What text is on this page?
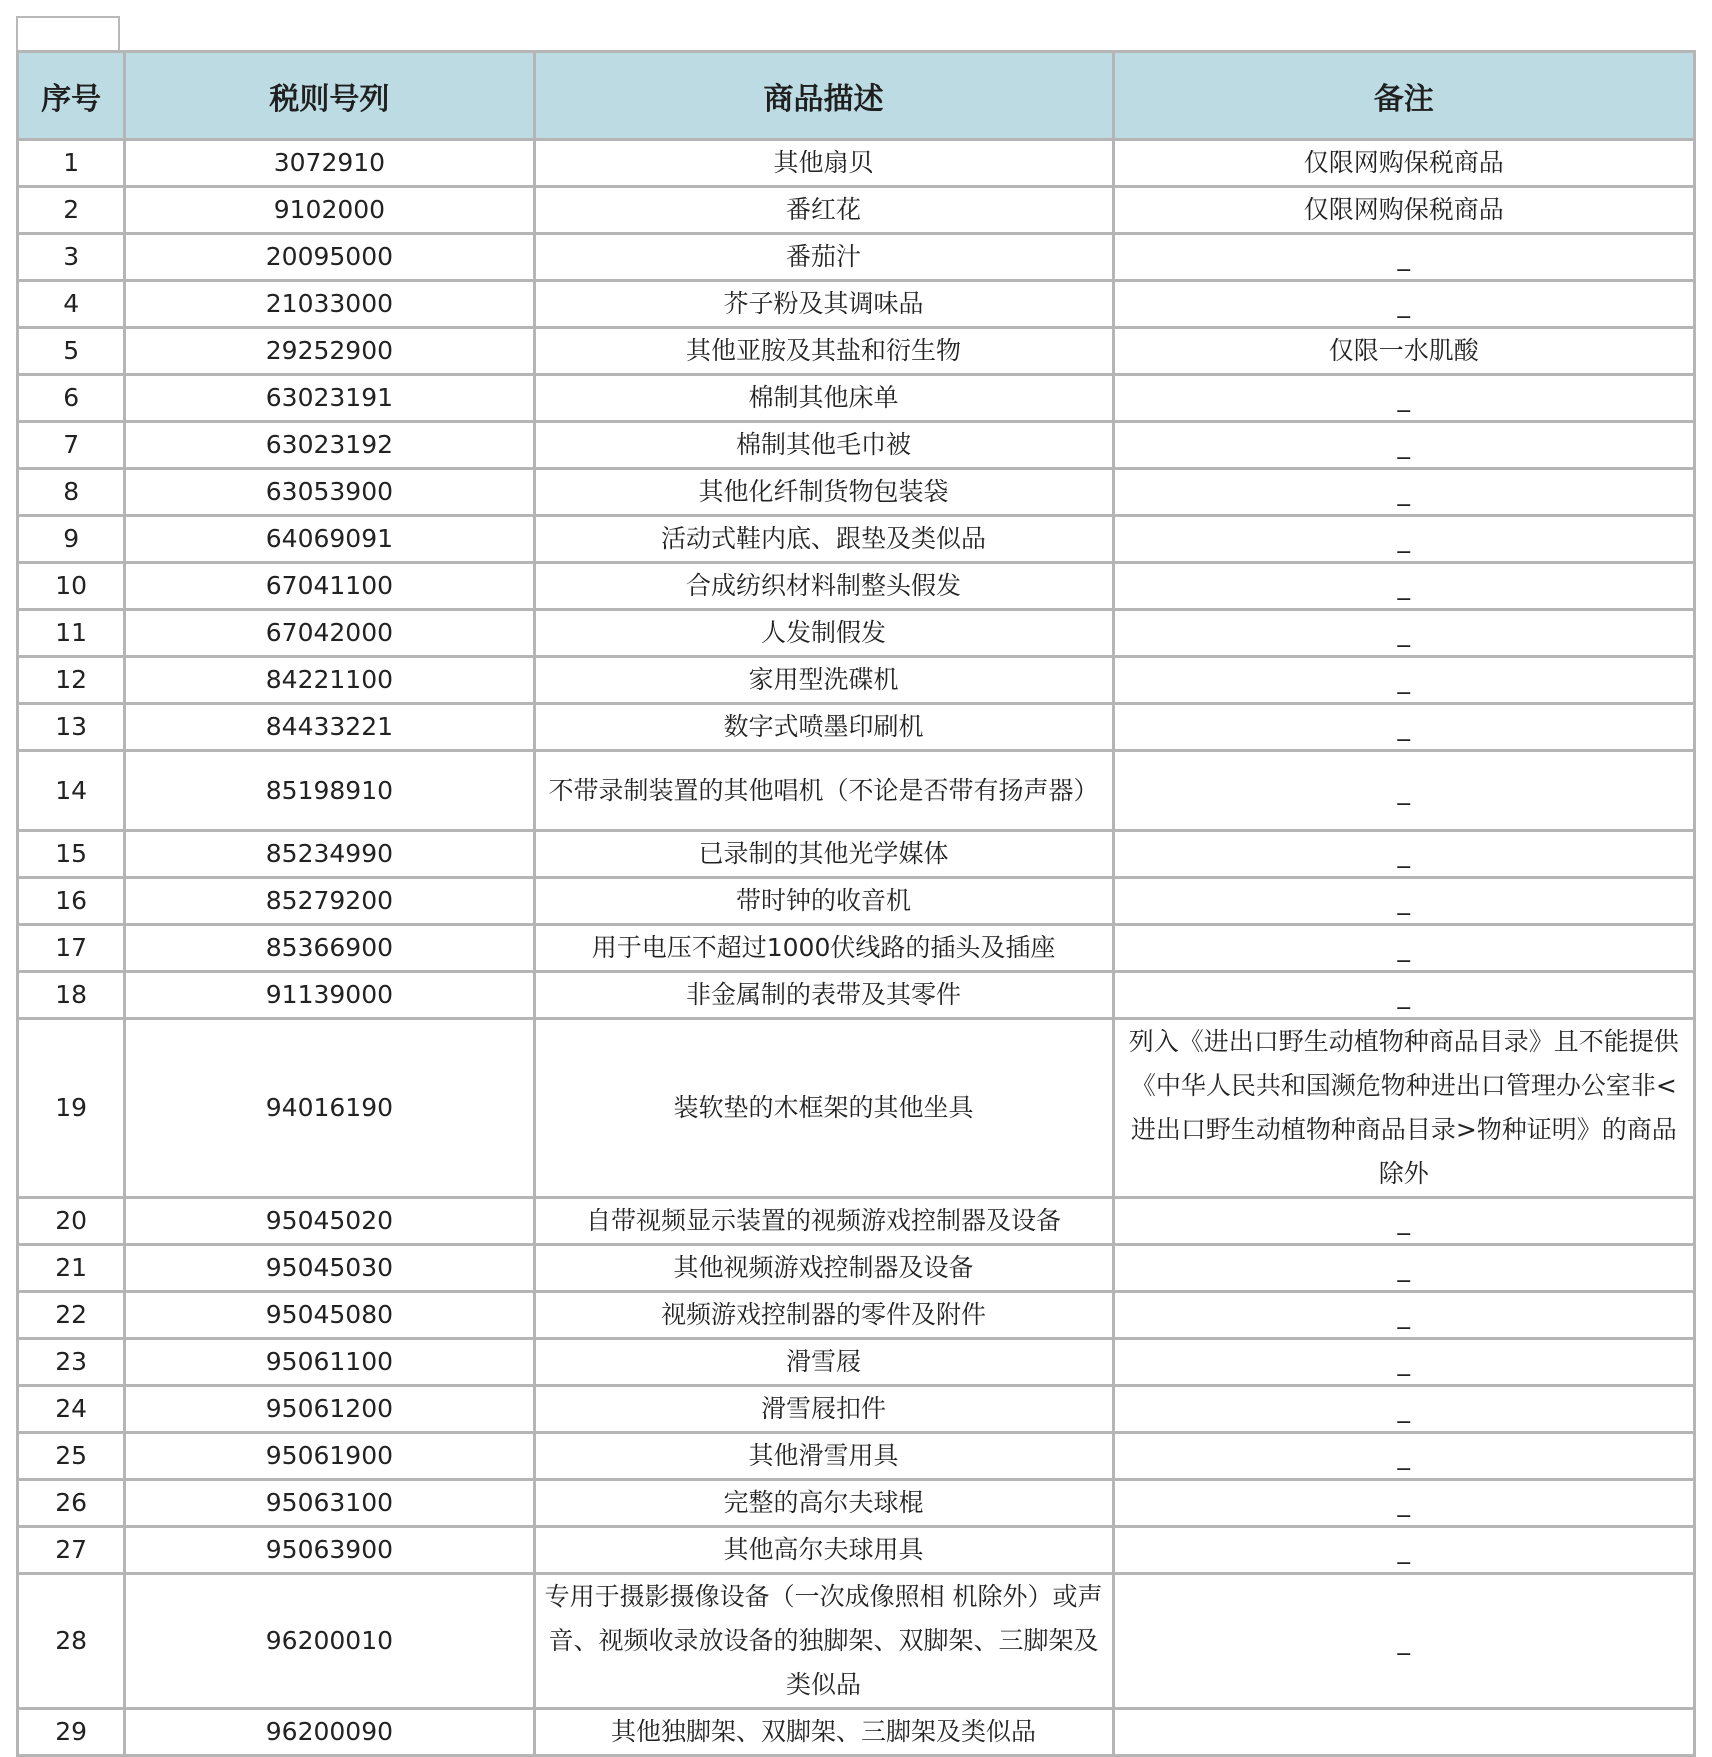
序号	税则号列	商品描述	备注
1	3072910	其他扇贝	仅限网购保税商品
2	9102000	番红花	仅限网购保税商品
3	20095000	番茄汁	_
4	21033000	芥子粉及其调味品	_
5	29252900	其他亚胺及其盐和衍生物	仅限一水肌酸
6	63023191	棉制其他床单	_
7	63023192	棉制其他毛巾被	_
8	63053900	其他化纤制货物包装袋	_
9	64069091	活动式鞋内底、跟垫及类似品	_
10	67041100	合成纺织材料制整头假发	_
11	67042000	人发制假发	_
12	84221100	家用型洗碟机	_
13	84433221	数字式喷墨印刷机	_
14	85198910	不带录制装置的其他唱机（不论是否带有扬声器）	_
15	85234990	已录制的其他光学媒体	_
16	85279200	带时钟的收音机	_
17	85366900	用于电压不超过1000伏线路的插头及插座	_
18	91139000	非金属制的表带及其零件	_
19	94016190	装软垫的木框架的其他坐具	列入《进出口野生动植物种商品目录》且不能提供《中华人民共和国濒危物种进出口管理办公室非<进出口野生动植物种商品目录>物种证明》的商品除外
20	95045020	自带视频显示装置的视频游戏控制器及设备	_
21	95045030	其他视频游戏控制器及设备	_
22	95045080	视频游戏控制器的零件及附件	_
23	95061100	滑雪屐	_
24	95061200	滑雪屐扣件	_
25	95061900	其他滑雪用具	_
26	95063100	完整的高尔夫球棍	_
27	95063900	其他高尔夫球用具	_
28	96200010	专用于摄影摄像设备（一次成像照相 机除外）或声音、视频收录放设备的独脚架、双脚架、三脚架及类似品	_
29	96200090	其他独脚架、双脚架、三脚架及类似品	
